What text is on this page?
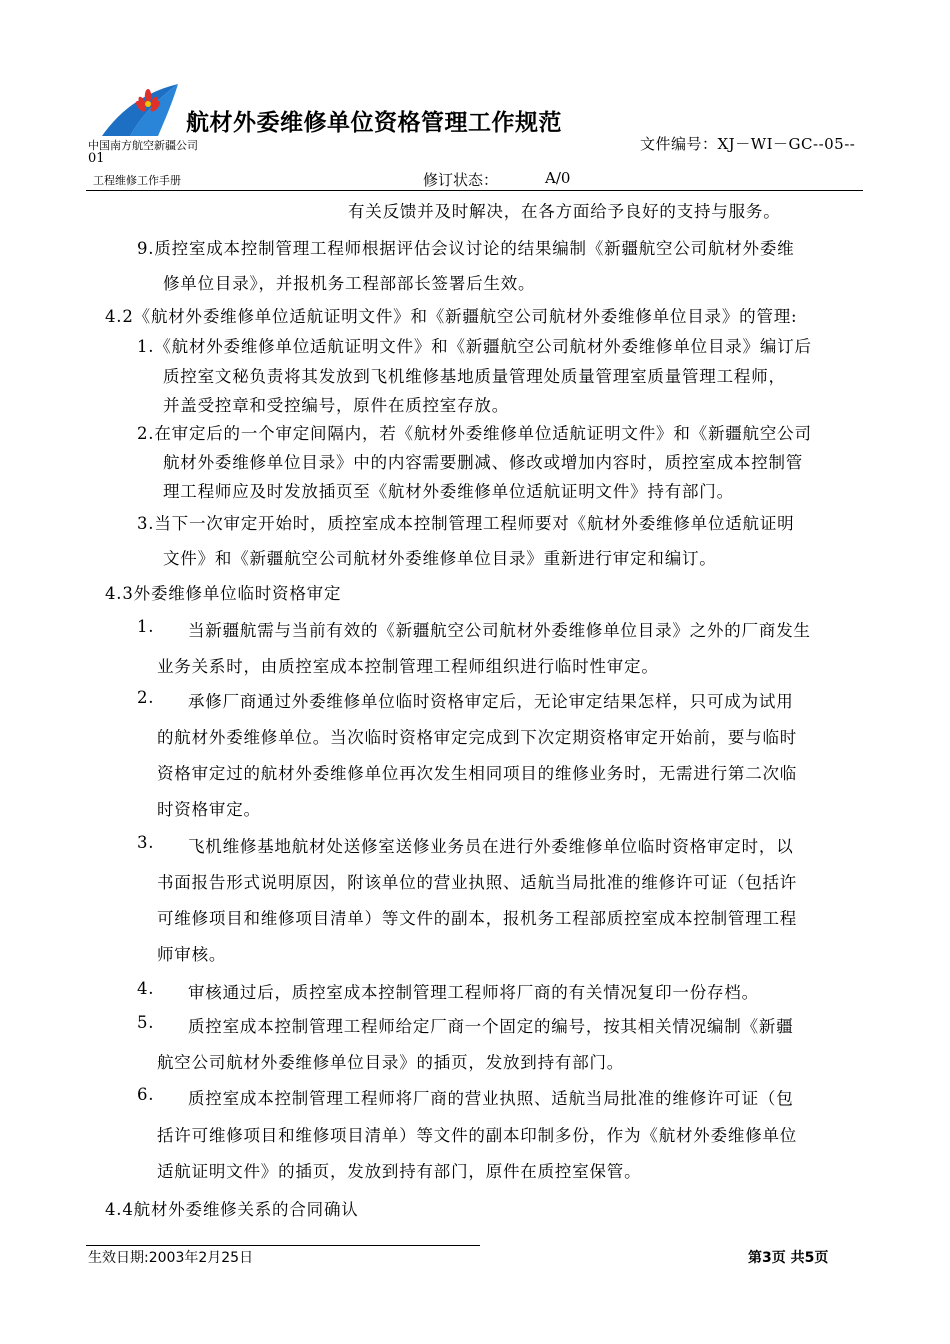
航材外委维修单位资格管理工作规范
中国南方航空新疆公司	文件编号：XJ－WI－GC--05--
01
工程维修工作手册	修订状态：	A/0
有关反馈并及时解决，在各方面给予良好的支持与服务。
9.质控室成本控制管理工程师根据评估会议讨论的结果编制《新疆航空公司航材外委维
修单位目录》，并报机务工程部部长签署后生效。
4.2《航材外委维修单位适航证明文件》和《新疆航空公司航材外委维修单位目录》的管理:
1.《航材外委维修单位适航证明文件》和《新疆航空公司航材外委维修单位目录》编订后
质控室文秘负责将其发放到飞机维修基地质量管理处质量管理室质量管理工程师，
并盖受控章和受控编号，原件在质控室存放。
2.在审定后的一个审定间隔内，若《航材外委维修单位适航证明文件》和《新疆航空公司
航材外委维修单位目录》中的内容需要删减、修改或增加内容时，质控室成本控制管
理工程师应及时发放插页至《航材外委维修单位适航证明文件》持有部门。
3.当下一次审定开始时，质控室成本控制管理工程师要对《航材外委维修单位适航证明
文件》和《新疆航空公司航材外委维修单位目录》重新进行审定和编订。
4.3外委维修单位临时资格审定
1. 当新疆航需与当前有效的《新疆航空公司航材外委维修单位目录》之外的厂商发生
业务关系时，由质控室成本控制管理工程师组织进行临时性审定。
2. 承修厂商通过外委维修单位临时资格审定后，无论审定结果怎样，只可成为试用
的航材外委维修单位。当次临时资格审定完成到下次定期资格审定开始前，要与临时
资格审定过的航材外委维修单位再次发生相同项目的维修业务时，无需进行第二次临
时资格审定。
3. 飞机维修基地航材处送修室送修业务员在进行外委维修单位临时资格审定时，以
书面报告形式说明原因，附该单位的营业执照、适航当局批准的维修许可证（包括许
可维修项目和维修项目清单）等文件的副本，报机务工程部质控室成本控制管理工程
师审核。
4. 审核通过后，质控室成本控制管理工程师将厂商的有关情况复印一份存档。
5. 质控室成本控制管理工程师给定厂商一个固定的编号，按其相关情况编制《新疆
航空公司航材外委维修单位目录》的插页，发放到持有部门。
6. 质控室成本控制管理工程师将厂商的营业执照、适航当局批准的维修许可证（包
括许可维修项目和维修项目清单）等文件的副本印制多份，作为《航材外委维修单位
适航证明文件》的插页，发放到持有部门，原件在质控室保管。
4.4航材外委维修关系的合同确认
生效日期:2003年2月25日	第3页 共5页
